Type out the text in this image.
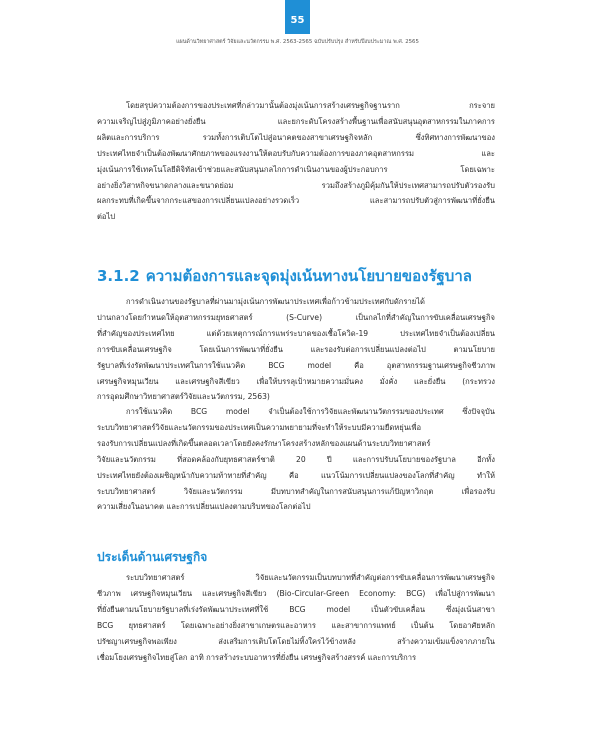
55
แผนด้านวิทยาศาสตร์ วิจัยและนวัตกรรม พ.ศ. 2563-2565 ฉบับปรับปรุง สำหรับปีงบประมาณ พ.ศ. 2565
โดยสรุปความต้องการของประเทศที่กล่าวมานั้นต้องมุ่งเน้นการสร้างเศรษฐกิจฐานราก กระจาย
ความเจริญไปสู่ภูมิภาคอย่างยั่งยืน และยกระดับโครงสร้างพื้นฐานเพื่อสนับสนุนอุตสาหกรรมในภาคการ
ผลิตและการบริการ รวมทั้งการเติบโตไปสู่อนาคตของสาขาเศรษฐกิจหลัก ซึ่งทิศทางการพัฒนาของ
ประเทศไทยจำเป็นต้องพัฒนาศักยภาพของแรงงานให้ตอบรับกับความต้องการของภาคอุตสาหกรรม และ
มุ่งเน้นการใช้เทคโนโลยีดิจิทัลเข้าช่วยและสนับสนุนกลไกการดำเนินงานของผู้ประกอบการ โดยเฉพาะ
อย่างยิ่งวิสาหกิจขนาดกลางและขนาดย่อม รวมถึงสร้างภูมิคุ้มกันให้ประเทศสามารถปรับตัวรองรับ
ผลกระทบที่เกิดขึ้นจากกระแสของการเปลี่ยนแปลงอย่างรวดเร็ว และสามารถปรับตัวสู่การพัฒนาที่ยั่งยืน
ต่อไป
3.1.2 ความต้องการและจุดมุ่งเน้นทางนโยบายของรัฐบาล
การดำเนินงานของรัฐบาลที่ผ่านมามุ่งเน้นการพัฒนาประเทศเพื่อก้าวข้ามประเทศกับดักรายได้
ปานกลางโดยกำหนดให้อุตสาหกรรมยุทธศาสตร์ (S-Curve) เป็นกลไกที่สำคัญในการขับเคลื่อนเศรษฐกิจ
ที่สำคัญของประเทศไทย แต่ด้วยเหตุการณ์การแพร่ระบาดของเชื้อโควิด-19 ประเทศไทยจำเป็นต้องเปลี่ยน
การขับเคลื่อนเศรษฐกิจ โดยเน้นการพัฒนาที่ยั่งยืน และรองรับต่อการเปลี่ยนแปลงต่อไป ตามนโยบาย
รัฐบาลที่เร่งรัดพัฒนาประเทศในการใช้แนวคิด BCG model คือ อุตสาหกรรมฐานเศรษฐกิจชีวภาพ
เศรษฐกิจหมุนเวียน และเศรษฐกิจสีเขียว เพื่อให้บรรลุเป้าหมายความมั่นคง มั่งคั่ง และยั่งยืน (กระทรวง
การอุดมศึกษาวิทยาศาสตร์วิจัยและนวัตกรรม, 2563)
การใช้แนวคิด BCG model จำเป็นต้องใช้การวิจัยและพัฒนานวัตกรรมของประเทศ ซึ่งปัจจุบัน
ระบบวิทยาศาสตร์วิจัยและนวัตกรรมของประเทศเป็นความพยายามที่จะทำให้ระบบมีความยืดหยุ่นเพื่อ
รองรับการเปลี่ยนแปลงที่เกิดขึ้นตลอดเวลาโดยยังคงรักษาโครงสร้างหลักของแผนด้านระบบวิทยาศาสตร์
วิจัยและนวัตกรรม ที่สอดคล้องกับยุทธศาสตร์ชาติ 20 ปี และการปรับนโยบายของรัฐบาล อีกทั้ง
ประเทศไทยยังต้องเผชิญหน้ากับความท้าทายที่สำคัญ คือ แนวโน้มการเปลี่ยนแปลงของโลกที่สำคัญ ทำให้
ระบบวิทยาศาสตร์ วิจัยและนวัตกรรม มีบทบาทสำคัญในการสนับสนุนการแก้ปัญหาวิกฤต เพื่อรองรับ
ความเสี่ยงในอนาคต และการเปลี่ยนแปลงตามบริบทของโลกต่อไป
ประเด็นด้านเศรษฐกิจ
ระบบวิทยาศาสตร์ วิจัยและนวัตกรรมเป็นบทบาทที่สำคัญต่อการขับเคลื่อนการพัฒนาเศรษฐกิจ
ชีวภาพ เศรษฐกิจหมุนเวียน และเศรษฐกิจสีเขียว (Bio-Circular-Green Economy: BCG) เพื่อไปสู่การพัฒนา
ที่ยั่งยืนตามนโยบายรัฐบาลที่เร่งรัดพัฒนาประเทศที่ใช้ BCG model เป็นตัวขับเคลื่อน ซึ่งมุ่งเน้นสาขา
BCG ยุทธศาสตร์ โดยเฉพาะอย่างยิ่งสาขาเกษตรและอาหาร และสาขาการแพทย์ เป็นต้น โดยอาศัยหลัก
ปรัชญาเศรษฐกิจพอเพียง ส่งเสริมการเติบโตโดยไม่ทิ้งใครไว้ข้างหลัง สร้างความเข้มแข็งจากภายใน
เชื่อมโยงเศรษฐกิจไทยสู่โลก อาทิ การสร้างระบบอาหารที่ยั่งยืน เศรษฐกิจสร้างสรรค์ และการบริการ
